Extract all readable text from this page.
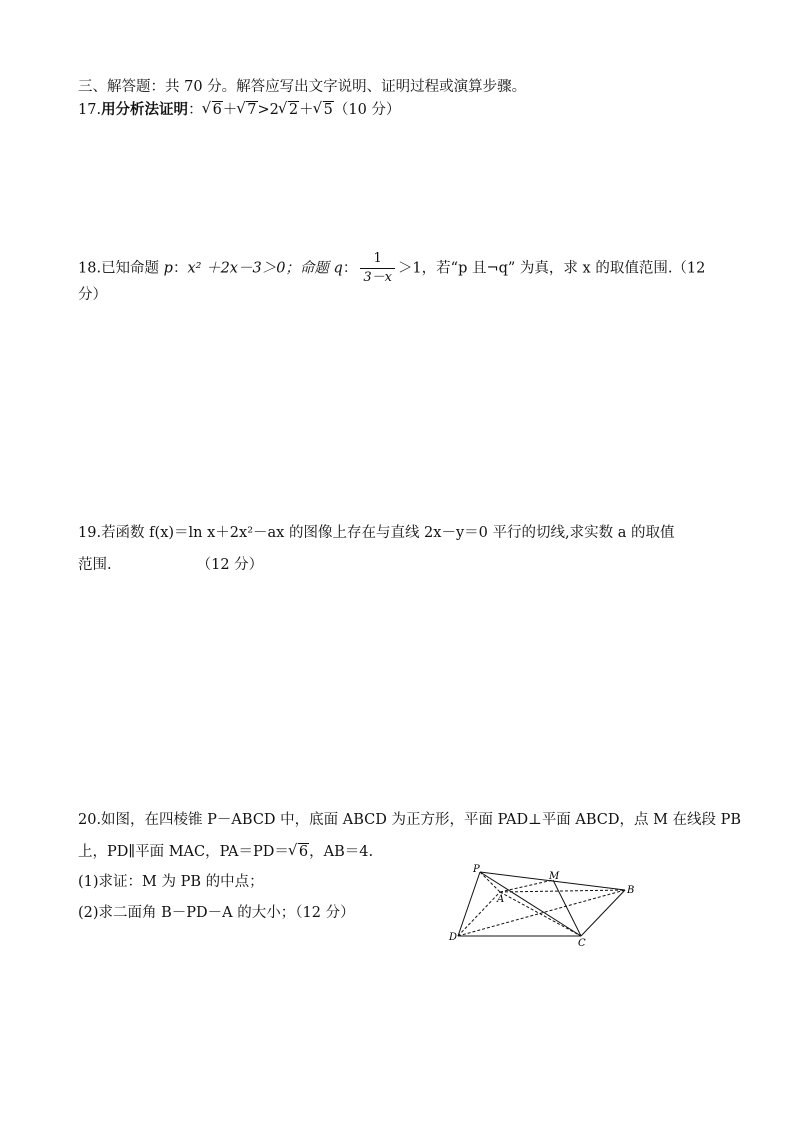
三、解答题：共 70 分。解答应写出文字说明、证明过程或演算步骤。
17.用分析法证明： √ 6＋ √ 7>2 √ 2＋ √ 5（10 分）
18.已知命题 p：x² ＋2x－3＞0；命题 q： $\frac{1}{3-x} >1$，若“p 且¬q” 为真，求 x 的取值范围.（12
分）
19.若函数 f(x)＝ln x＋2x²－ax 的图像上存在与直线 2x－y＝0 平行的切线,求实数 a 的取值
范围.	（12 分）
20.如图，在四棱锥 P－ABCD 中，底面 ABCD 为正方形，平面 PAD⊥平面 ABCD，点 M 在线段 PB
上，PD∥平面 MAC，PA＝PD＝ √ 6，AB＝4.
(1)求证：M 为 PB 的中点；
(2)求二面角 B－PD－A 的大小；（12 分）
P
M
A
B
D
C
